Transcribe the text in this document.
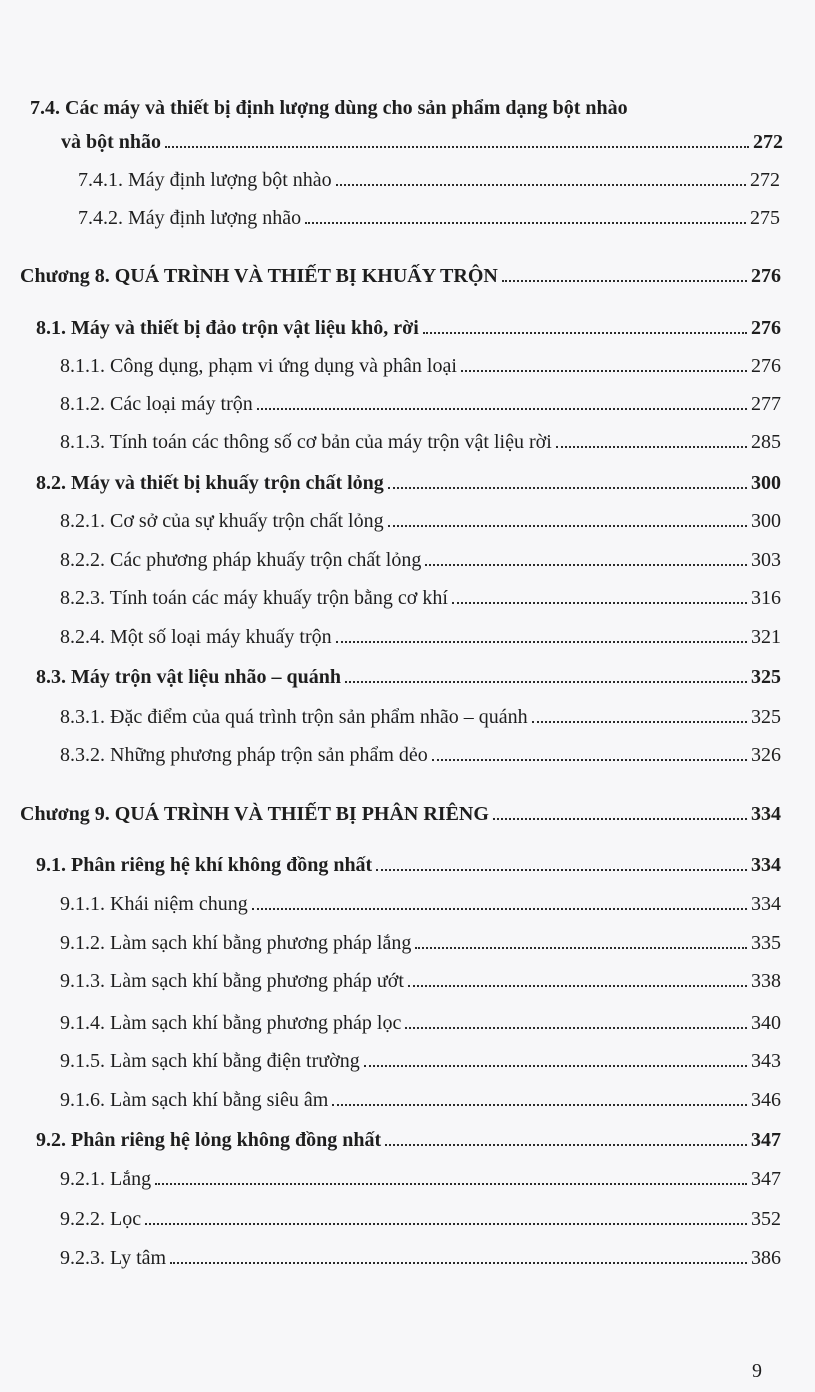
7.4. Các máy và thiết bị định lượng dùng cho sản phẩm dạng bột nhào
và bột nhão	272
7.4.1. Máy định lượng bột nhào	272
7.4.2. Máy định lượng nhão	275
Chương 8. QUÁ TRÌNH VÀ THIẾT BỊ KHUẤY TRỘN	276
8.1. Máy và thiết bị đảo trộn vật liệu khô, rời	276
8.1.1. Công dụng, phạm vi ứng dụng và phân loại	276
8.1.2. Các loại máy trộn	277
8.1.3. Tính toán các thông số cơ bản của máy trộn vật liệu rời	285
8.2. Máy và thiết bị khuấy trộn chất lỏng	300
8.2.1. Cơ sở của sự khuấy trộn chất lỏng	300
8.2.2. Các phương pháp khuấy trộn chất lỏng	303
8.2.3. Tính toán các máy khuấy trộn bằng cơ khí	316
8.2.4. Một số loại máy khuấy trộn	321
8.3. Máy trộn vật liệu nhão – quánh	325
8.3.1. Đặc điểm của quá trình trộn sản phẩm nhão – quánh	325
8.3.2. Những phương pháp trộn sản phẩm dẻo	326
Chương 9. QUÁ TRÌNH VÀ THIẾT BỊ PHÂN RIÊNG	334
9.1. Phân riêng hệ khí không đồng nhất	334
9.1.1. Khái niệm chung	334
9.1.2. Làm sạch khí bằng phương pháp lắng	335
9.1.3. Làm sạch khí bằng phương pháp ướt	338
9.1.4. Làm sạch khí bằng phương pháp lọc	340
9.1.5. Làm sạch khí bằng điện trường	343
9.1.6. Làm sạch khí bằng siêu âm	346
9.2. Phân riêng hệ lỏng không đồng nhất	347
9.2.1. Lắng	347
9.2.2. Lọc	352
9.2.3. Ly tâm	386
9
